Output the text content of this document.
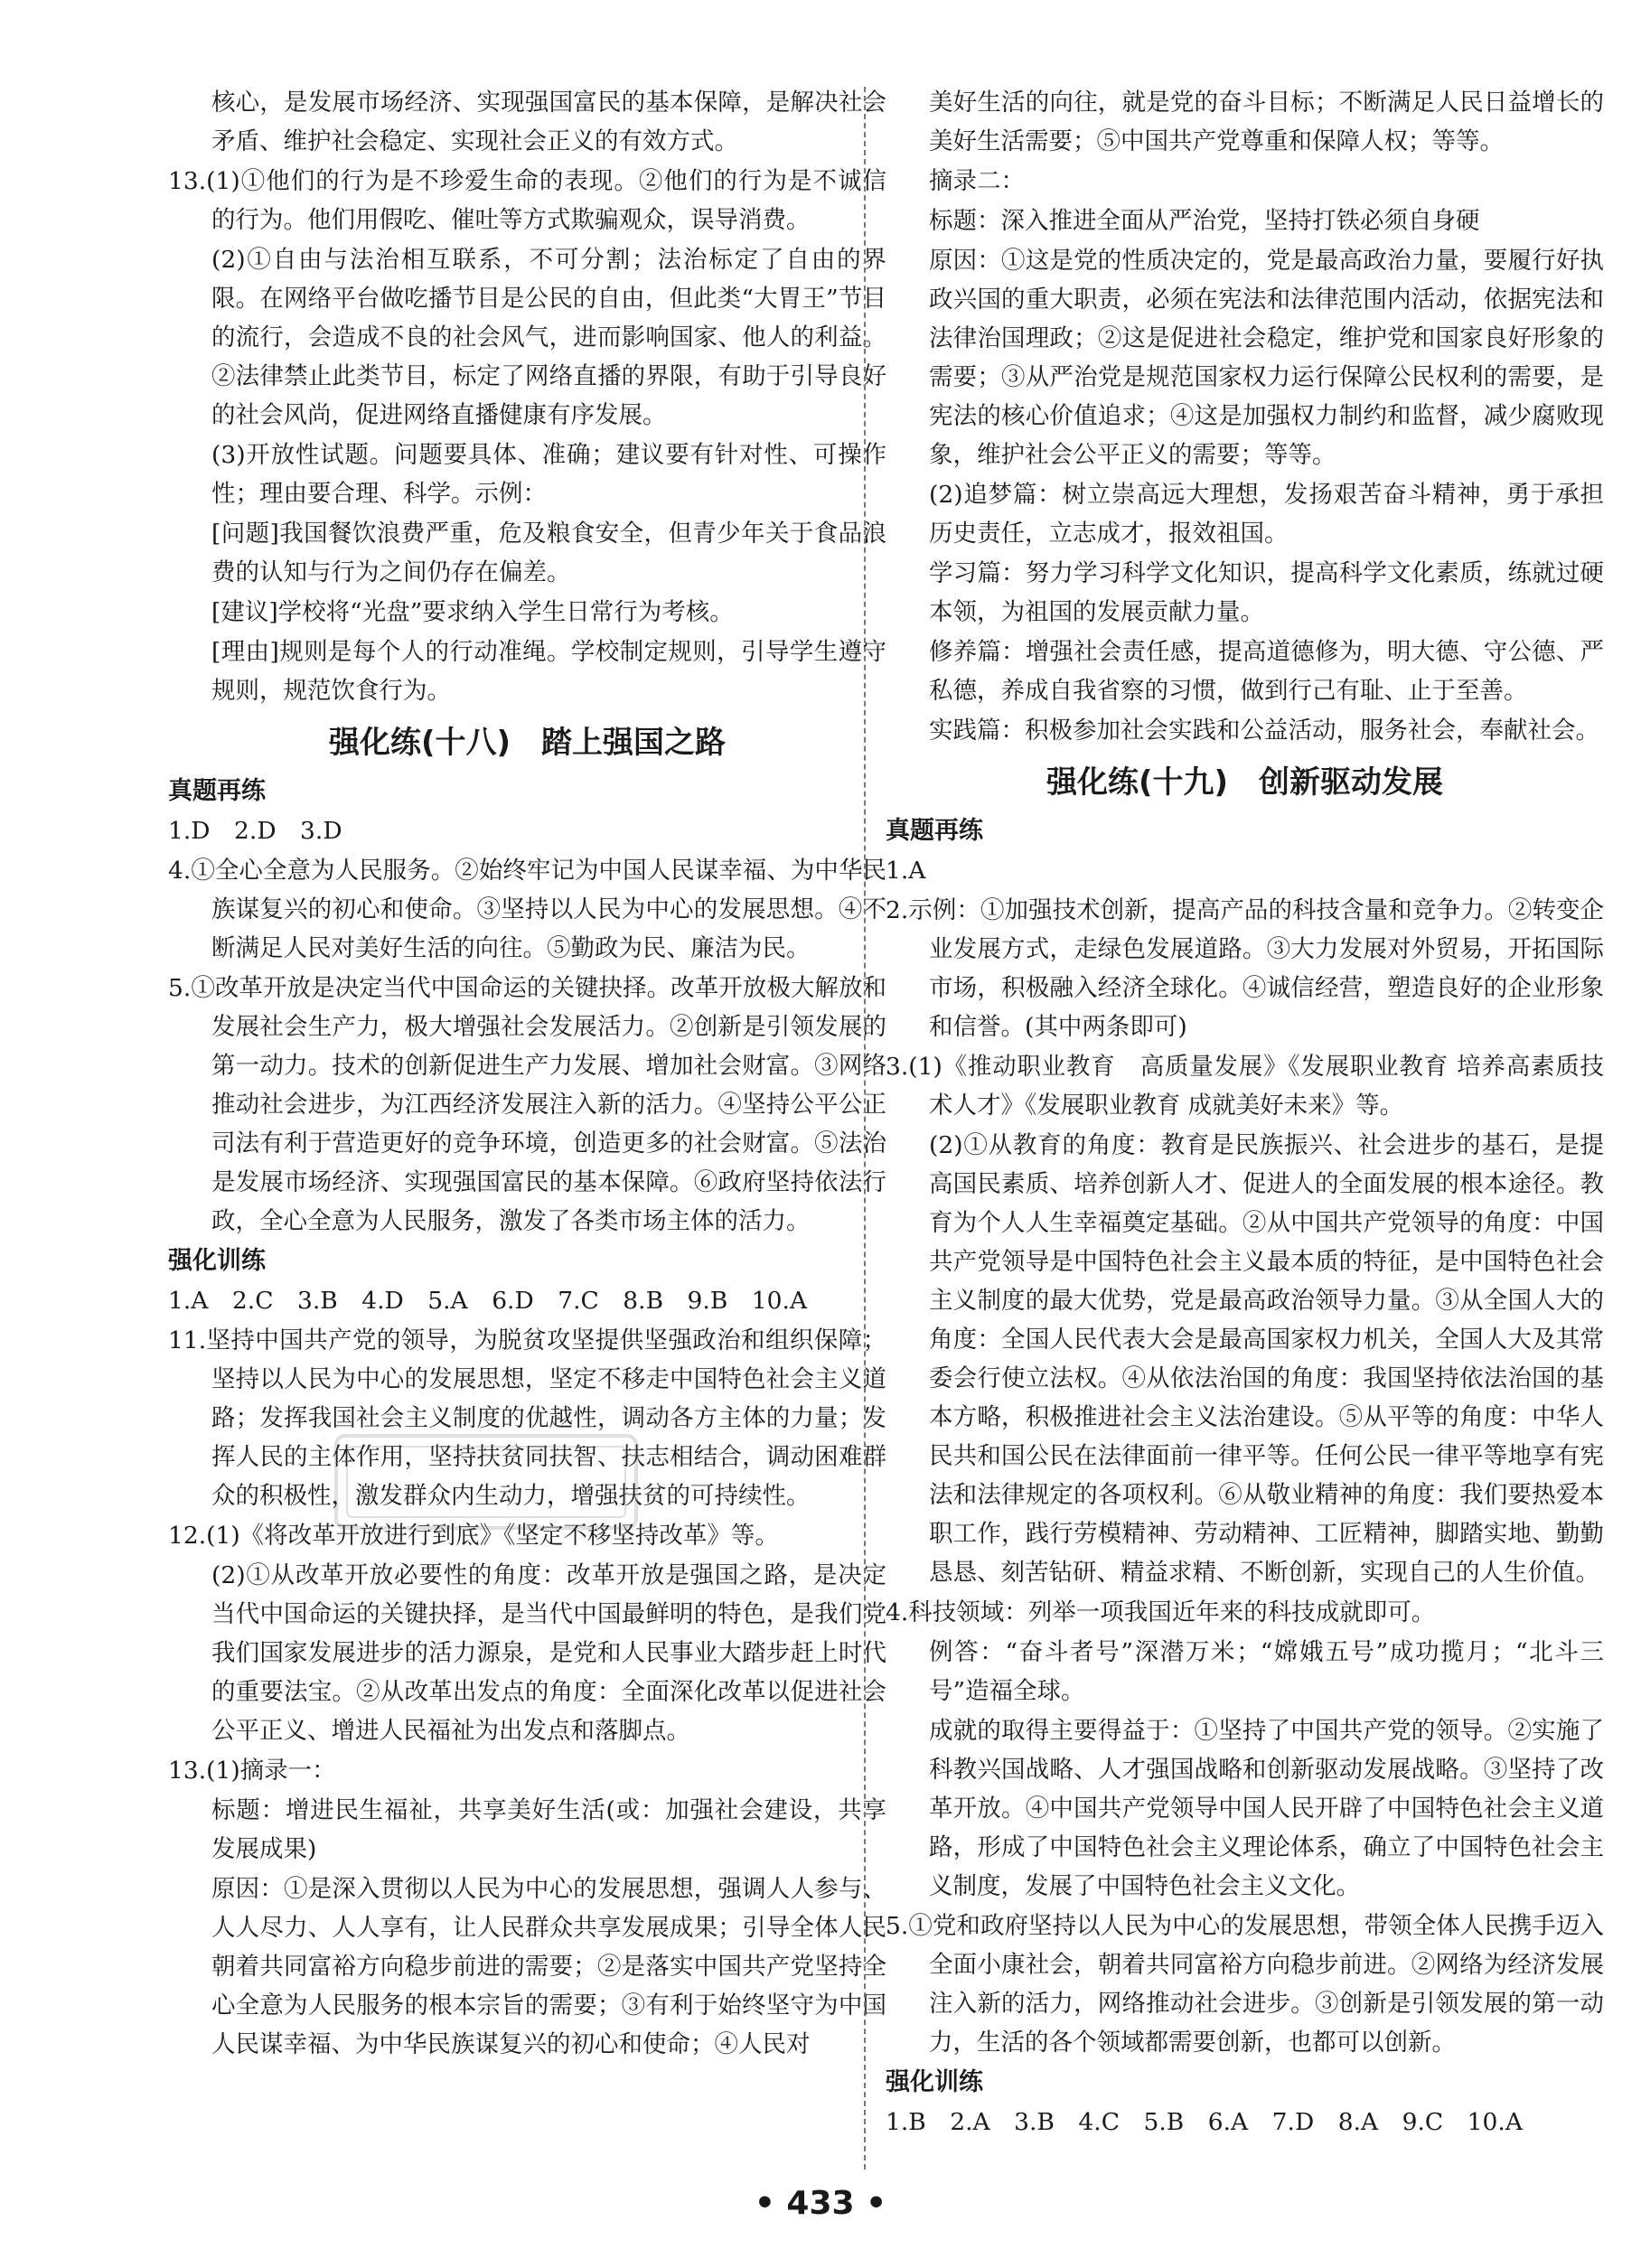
核心，是发展市场经济、实现强国富民的基本保障，是解决社会矛盾、维护社会稳定、实现社会正义的有效方式。

13.(1)①他们的行为是不珍爱生命的表现。②他们的行为是不诚信的行为。他们用假吃、催吐等方式欺骗观众，误导消费。

(2)①自由与法治相互联系，不可分割；法治标定了自由的界限。在网络平台做吃播节目是公民的自由，但此类“大胃王”节目的流行，会造成不良的社会风气，进而影响国家、他人的利益。②法律禁止此类节目，标定了网络直播的界限，有助于引导良好的社会风尚，促进网络直播健康有序发展。

(3)开放性试题。问题要具体、准确；建议要有针对性、可操作性；理由要合理、科学。示例：

[问题]我国餐饮浪费严重，危及粮食安全，但青少年关于食品浪费的认知与行为之间仍存在偏差。

[建议]学校将“光盘”要求纳入学生日常行为考核。

[理由]规则是每个人的行动准绳。学校制定规则，引导学生遵守规则，规范饮食行为。

强化练(十八)　踏上强国之路
真题再练

1.D　2.D　3.D

4.①全心全意为人民服务。②始终牢记为中国人民谋幸福、为中华民族谋复兴的初心和使命。③坚持以人民为中心的发展思想。④不断满足人民对美好生活的向往。⑤勤政为民、廉洁为民。

5.①改革开放是决定当代中国命运的关键抉择。改革开放极大解放和发展社会生产力，极大增强社会发展活力。②创新是引领发展的第一动力。技术的创新促进生产力发展、增加社会财富。③网络推动社会进步，为江西经济发展注入新的活力。④坚持公平公正司法有利于营造更好的竞争环境，创造更多的社会财富。⑤法治是发展市场经济、实现强国富民的基本保障。⑥政府坚持依法行政，全心全意为人民服务，激发了各类市场主体的活力。

强化训练

1.A　2.C　3.B　4.D　5.A　6.D　7.C　8.B　9.B　10.A

11.坚持中国共产党的领导，为脱贫攻坚提供坚强政治和组织保障；坚持以人民为中心的发展思想，坚定不移走中国特色社会主义道路；发挥我国社会主义制度的优越性，调动各方主体的力量；发挥人民的主体作用，坚持扶贫同扶智、扶志相结合，调动困难群众的积极性，激发群众内生动力，增强扶贫的可持续性。

12.(1)《将改革开放进行到底》《坚定不移坚持改革》等。

(2)①从改革开放必要性的角度：改革开放是强国之路，是决定当代中国命运的关键抉择，是当代中国最鲜明的特色，是我们党我们国家发展进步的活力源泉，是党和人民事业大踏步赶上时代的重要法宝。②从改革出发点的角度：全面深化改革以促进社会公平正义、增进人民福祉为出发点和落脚点。

13.(1)摘录一：

标题：增进民生福祉，共享美好生活(或：加强社会建设，共享发展成果)

原因：①是深入贯彻以人民为中心的发展思想，强调人人参与、人人尽力、人人享有，让人民群众共享发展成果；引导全体人民朝着共同富裕方向稳步前进的需要；②是落实中国共产党坚持全心全意为人民服务的根本宗旨的需要；③有利于始终坚守为中国人民谋幸福、为中华民族谋复兴的初心和使命；④人民对

美好生活的向往，就是党的奋斗目标；不断满足人民日益增长的美好生活需要；⑤中国共产党尊重和保障人权；等等。

摘录二：

标题：深入推进全面从严治党，坚持打铁必须自身硬

原因：①这是党的性质决定的，党是最高政治力量，要履行好执政兴国的重大职责，必须在宪法和法律范围内活动，依据宪法和法律治国理政；②这是促进社会稳定，维护党和国家良好形象的需要；③从严治党是规范国家权力运行保障公民权利的需要，是宪法的核心价值追求；④这是加强权力制约和监督，减少腐败现象，维护社会公平正义的需要；等等。

(2)追梦篇：树立崇高远大理想，发扬艰苦奋斗精神，勇于承担历史责任，立志成才，报效祖国。

学习篇：努力学习科学文化知识，提高科学文化素质，练就过硬本领，为祖国的发展贡献力量。

修养篇：增强社会责任感，提高道德修为，明大德、守公德、严私德，养成自我省察的习惯，做到行己有耻、止于至善。

实践篇：积极参加社会实践和公益活动，服务社会，奉献社会。

强化练(十九)　创新驱动发展
真题再练

1.A

2.示例：①加强技术创新，提高产品的科技含量和竞争力。②转变企业发展方式，走绿色发展道路。③大力发展对外贸易，开拓国际市场，积极融入经济全球化。④诚信经营，塑造良好的企业形象和信誉。(其中两条即可)

3.(1)《推动职业教育　高质量发展》《发展职业教育 培养高素质技术人才》《发展职业教育 成就美好未来》等。

(2)①从教育的角度：教育是民族振兴、社会进步的基石，是提高国民素质、培养创新人才、促进人的全面发展的根本途径。教育为个人人生幸福奠定基础。②从中国共产党领导的角度：中国共产党领导是中国特色社会主义最本质的特征，是中国特色社会主义制度的最大优势，党是最高政治领导力量。③从全国人大的角度：全国人民代表大会是最高国家权力机关，全国人大及其常委会行使立法权。④从依法治国的角度：我国坚持依法治国的基本方略，积极推进社会主义法治建设。⑤从平等的角度：中华人民共和国公民在法律面前一律平等。任何公民一律平等地享有宪法和法律规定的各项权利。⑥从敬业精神的角度：我们要热爱本职工作，践行劳模精神、劳动精神、工匠精神，脚踏实地、勤勤恳恳、刻苦钻研、精益求精、不断创新，实现自己的人生价值。

4.科技领域：列举一项我国近年来的科技成就即可。

例答：“奋斗者号”深潜万米；“嫦娥五号”成功揽月；“北斗三号”造福全球。

成就的取得主要得益于：①坚持了中国共产党的领导。②实施了科教兴国战略、人才强国战略和创新驱动发展战略。③坚持了改革开放。④中国共产党领导中国人民开辟了中国特色社会主义道路，形成了中国特色社会主义理论体系，确立了中国特色社会主义制度，发展了中国特色社会主义文化。

5.①党和政府坚持以人民为中心的发展思想，带领全体人民携手迈入全面小康社会，朝着共同富裕方向稳步前进。②网络为经济发展注入新的活力，网络推动社会进步。③创新是引领发展的第一动力，生活的各个领域都需要创新，也都可以创新。

强化训练

1.B　2.A　3.B　4.C　5.B　6.A　7.D　8.A　9.C　10.A

• 433 •
